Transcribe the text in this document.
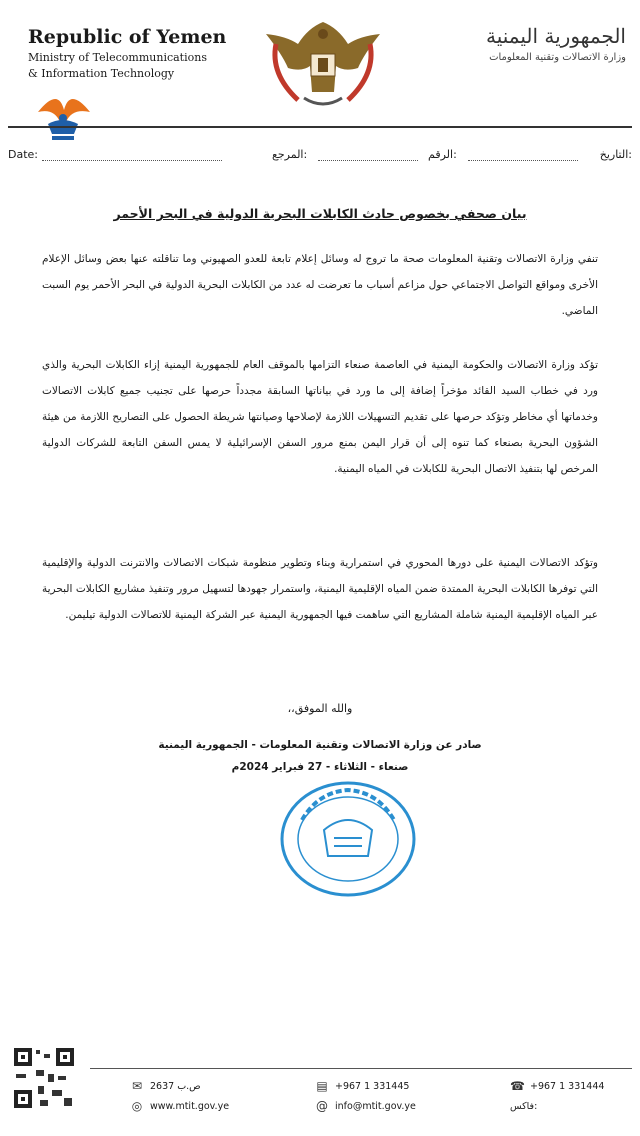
Republic of Yemen

Ministry of Telecommunications

& Information Technology

الجمهورية اليمنية

وزارة الاتصالات وتقنية المعلومات

Date:	المرجع:	الرقم:	التاريخ:
بيان صحفي بخصوص حادث الكابلات البحرية الدولية في البحر الأحمر

تنفي وزارة الاتصالات وتقنية المعلومات صحة ما تروج له وسائل إعلام تابعة للعدو الصهيوني وما تناقلته عنها بعض وسائل الإعلام الأخرى ومواقع التواصل الاجتماعي حول مزاعم أسباب ما تعرضت له عدد من الكابلات البحرية الدولية في البحر الأحمر يوم السبت الماضي.

تؤكد وزارة الاتصالات والحكومة اليمنية في العاصمة صنعاء التزامها بالموقف العام للجمهورية اليمنية إزاء الكابلات البحرية والذي ورد في خطاب السيد القائد مؤخراً إضافة إلى ما ورد في بياناتها السابقة مجدداً حرصها على تجنيب جميع كابلات الاتصالات وخدماتها أي مخاطر وتؤكد حرصها على تقديم التسهيلات اللازمة لإصلاحها وصيانتها شريطة الحصول على التصاريح اللازمة من هيئة الشؤون البحرية بصنعاء كما تنوه إلى أن قرار اليمن بمنع مرور السفن الإسرائيلية لا يمس السفن التابعة للشركات الدولية المرخص لها بتنفيذ الاتصال البحرية للكابلات في المياه اليمنية.

وتؤكد الاتصالات اليمنية على دورها المحوري في استمرارية وبناء وتطوير منظومة شبكات الاتصالات والانترنت الدولية والإقليمية التي توفرها الكابلات البحرية الممتدة ضمن المياه الإقليمية اليمنية، واستمرار جهودها لتسهيل مرور وتنفيذ مشاريع الكابلات البحرية عبر المياه الإقليمية اليمنية شاملة المشاريع التي ساهمت فيها الجمهورية اليمنية عبر الشركة اليمنية للاتصالات الدولية تيليمن.

والله الموفق،،
صادر عن وزارة الاتصالات وتقنية المعلومات - الجمهورية اليمنية
صنعاء - الثلاثاء - 27 فبراير 2024م
✉ ص.ب 2637
◎ www.mtit.gov.ye
▤ +967 1 331445
@ info@mtit.gov.ye
☎ +967 1 331444
فاكس:
